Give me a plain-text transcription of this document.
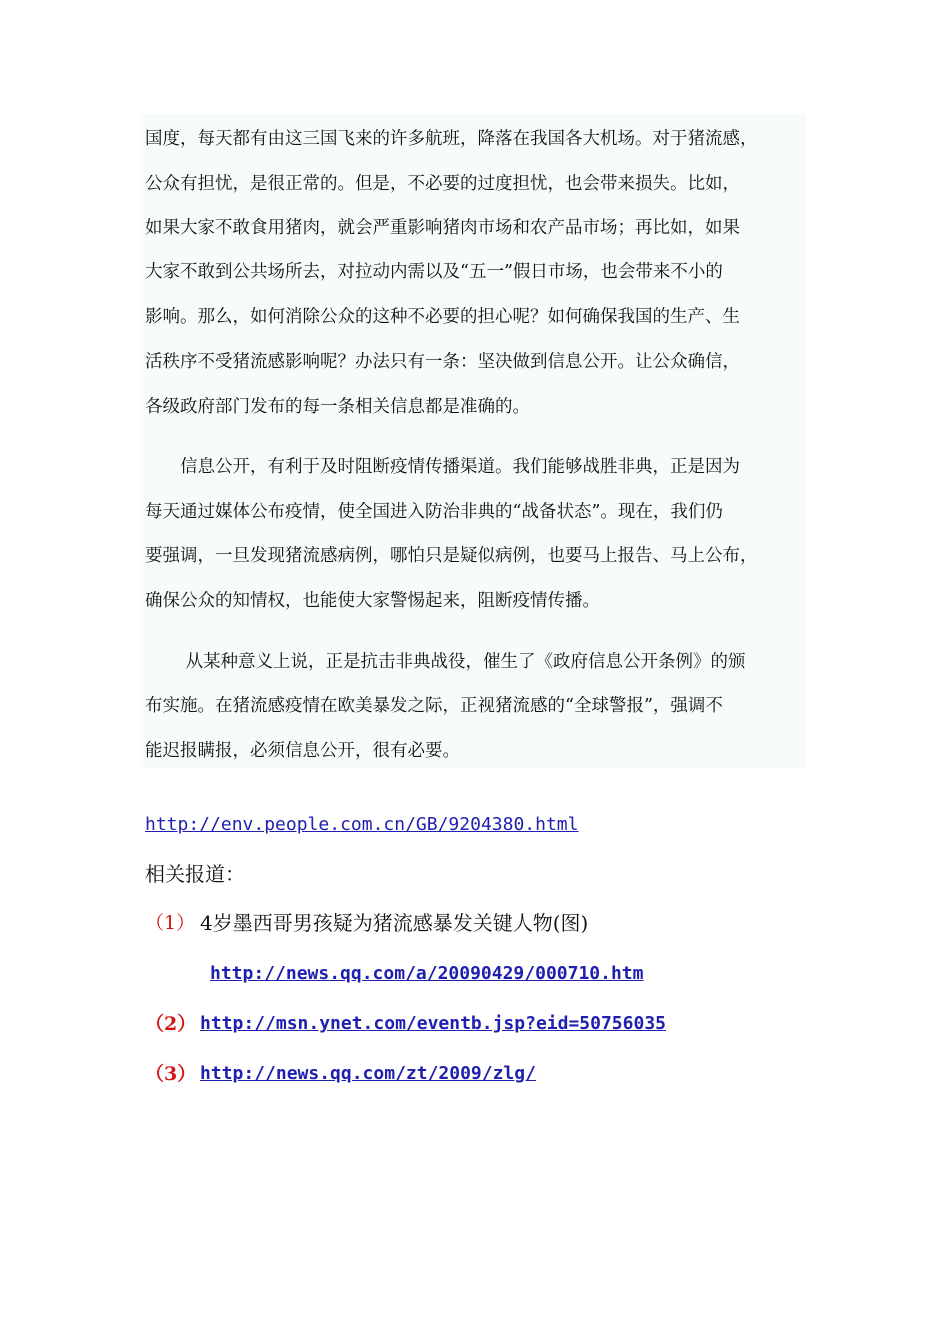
国度，每天都有由这三国飞来的许多航班，降落在我国各大机场。对于猪流感，
公众有担忧，是很正常的。但是，不必要的过度担忧，也会带来损失。比如，
如果大家不敢食用猪肉，就会严重影响猪肉市场和农产品市场；再比如，如果
大家不敢到公共场所去，对拉动内需以及“五一”假日市场，也会带来不小的
影响。那么，如何消除公众的这种不必要的担心呢？如何确保我国的生产、生
活秩序不受猪流感影响呢？办法只有一条：坚决做到信息公开。让公众确信，
各级政府部门发布的每一条相关信息都是准确的。
　　信息公开，有利于及时阻断疫情传播渠道。我们能够战胜非典，正是因为
每天通过媒体公布疫情，使全国进入防治非典的“战备状态”。现在，我们仍
要强调，一旦发现猪流感病例，哪怕只是疑似病例，也要马上报告、马上公布，
确保公众的知情权，也能使大家警惕起来，阻断疫情传播。
　　 从某种意义上说，正是抗击非典战役，催生了《政府信息公开条例》的颁
布实施。在猪流感疫情在欧美暴发之际，正视猪流感的“全球警报”，强调不
能迟报瞒报，必须信息公开，很有必要。
http://env.people.com.cn/GB/9204380.html
相关报道：
（1） 4岁墨西哥男孩疑为猪流感暴发关键人物(图)
http://news.qq.com/a/20090429/000710.htm
（2） http://msn.ynet.com/eventb.jsp?eid=50756035
（3） http://news.qq.com/zt/2009/zlg/
